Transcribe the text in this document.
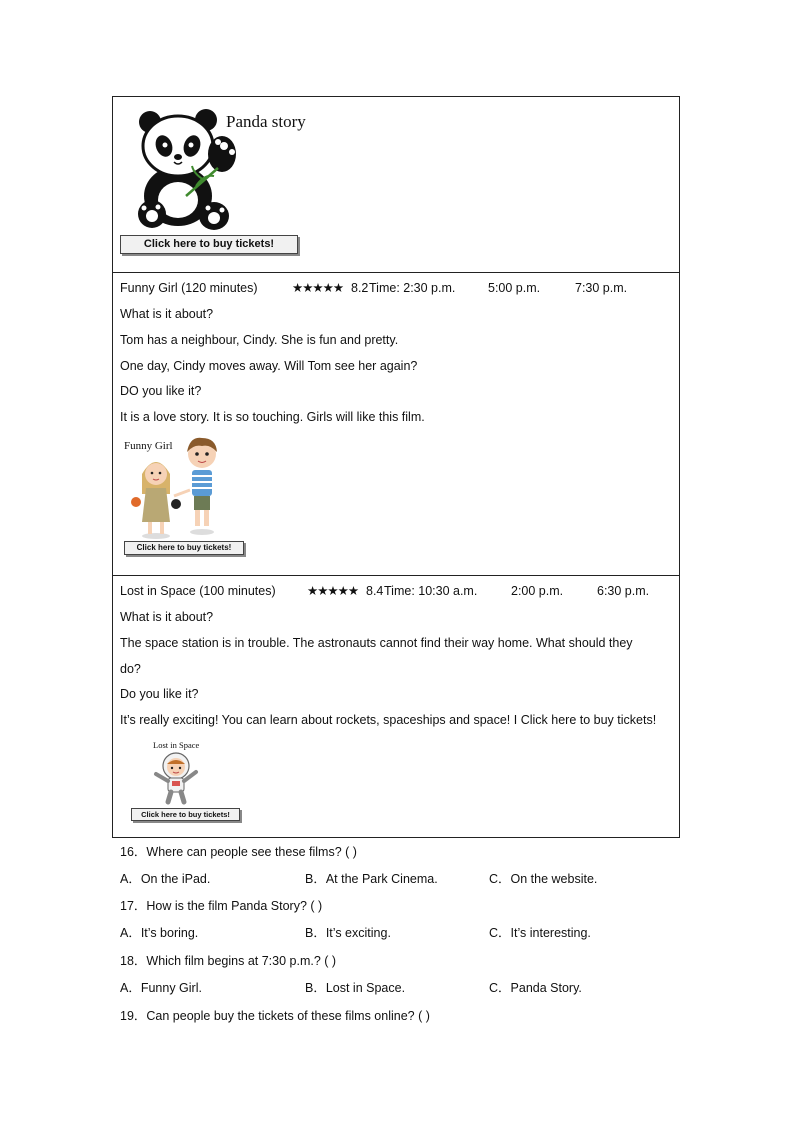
Panda story
Click here to buy tickets!
Funny Girl (120 minutes)	★★★★★ 8.2 Time: 2:30 p.m.	5:00 p.m.	7:30 p.m.
What is it about?
Tom has a neighbour, Cindy. She is fun and pretty.
One day, Cindy moves away. Will Tom see her again?
DO you like it?
It is a love story. It is so touching. Girls will like this film.
Funny Girl
Click here to buy tickets!
Lost in Space (100 minutes)	★★★★★ 8.4 Time: 10:30 a.m.	2:00 p.m.	6:30 p.m.
What is it about?
The space station is in trouble. The astronauts cannot find their way home. What should they
do?
Do you like it?
It’s really exciting! You can learn about rockets, spaceships and space! I Click here to buy tickets!
Lost in Space
Click here to buy tickets!
16．Where can people see these films? ( )
A．On the iPad.	B．At the Park Cinema.	C．On the website.
17．How is the film Panda Story? ( )
A．It’s boring.	B．It’s exciting.	C．It’s interesting.
18．Which film begins at 7:30 p.m.? ( )
A．Funny Girl.	B．Lost in Space.	C．Panda Story.
19．Can people buy the tickets of these films online? ( )
